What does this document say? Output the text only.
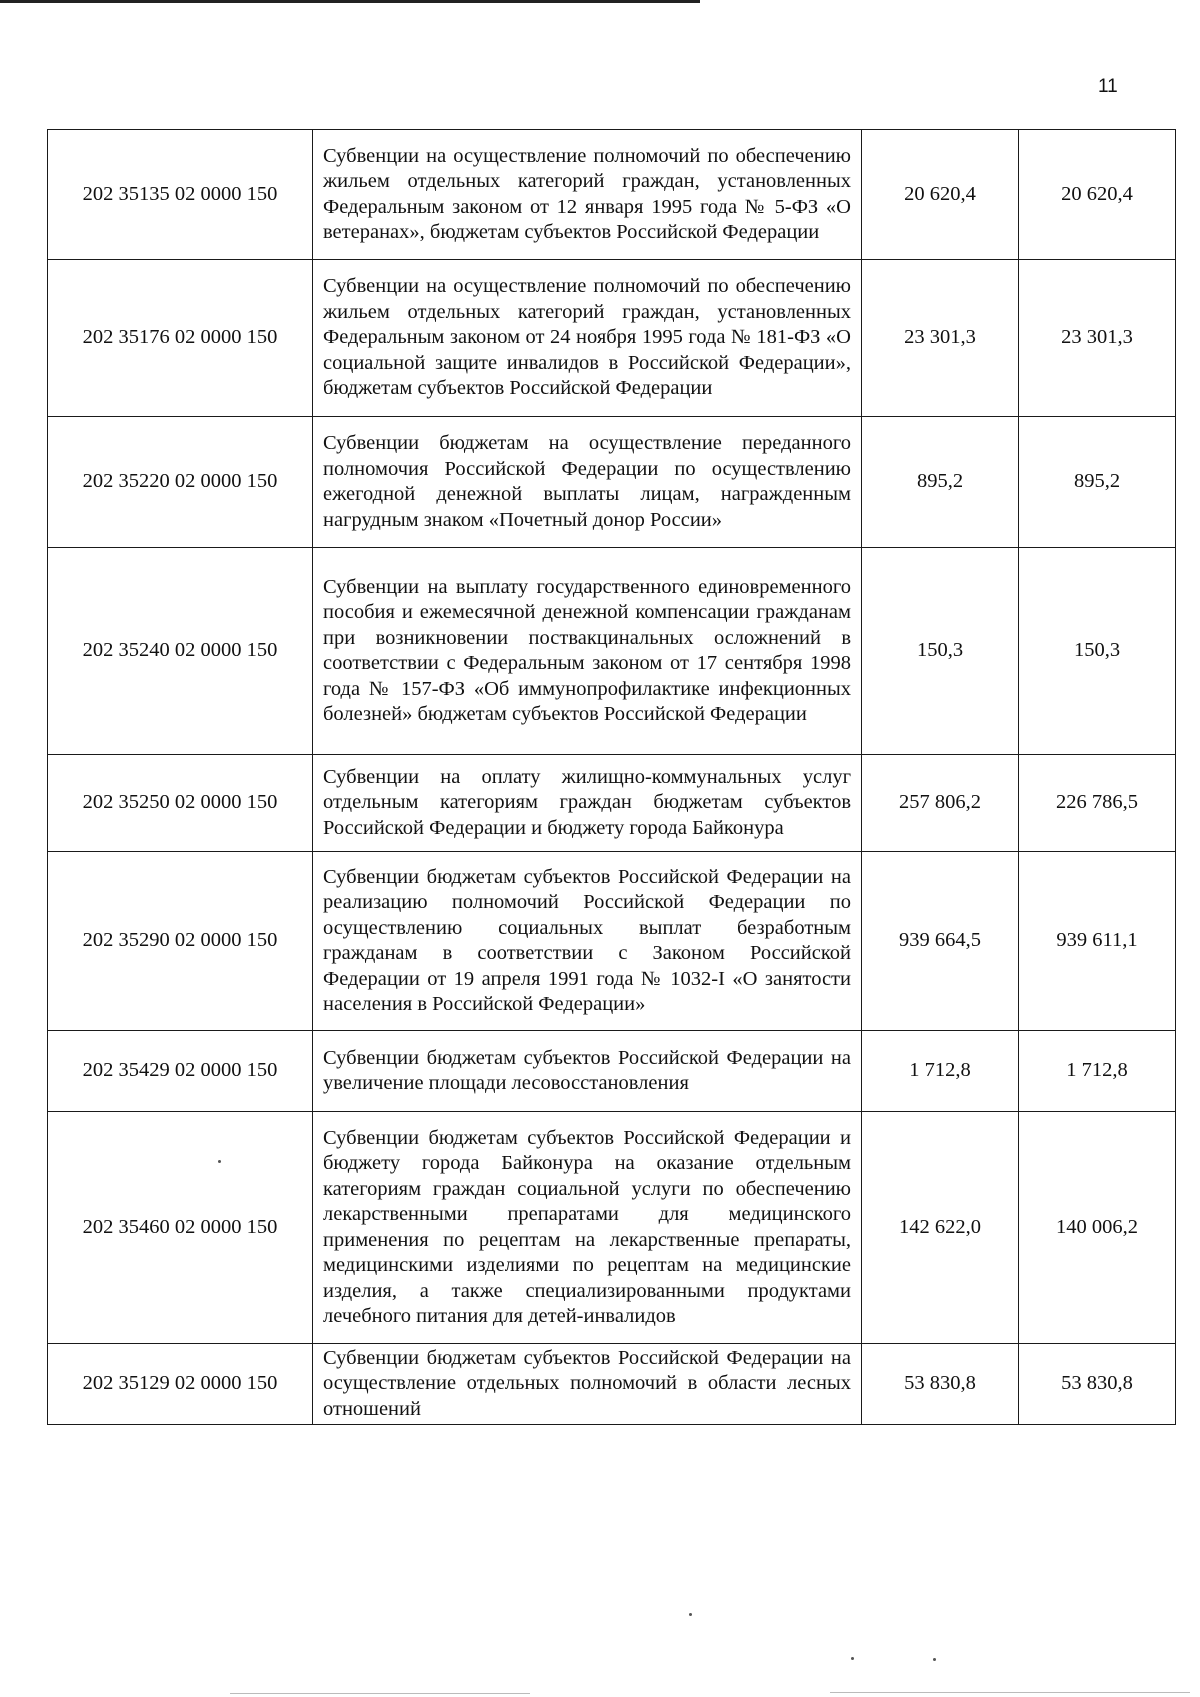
11
202 35135 02 0000 150	Субвенции на осуществление полномочий по обеспечению жильем отдельных категорий граждан, установленных Федеральным законом от 12 января 1995 года № 5-ФЗ «О ветеранах», бюджетам субъектов Российской Федерации	20 620,4	20 620,4
202 35176 02 0000 150	Субвенции на осуществление полномочий по обеспечению жильем отдельных категорий граждан, установленных Федеральным законом от 24 ноября 1995 года № 181-ФЗ «О социальной защите инвалидов в Российской Федерации», бюджетам субъектов Российской Федерации	23 301,3	23 301,3
202 35220 02 0000 150	Субвенции бюджетам на осуществление переданного полномочия Российской Федерации по осуществлению ежегодной денежной выплаты лицам, награжденным нагрудным знаком «Почетный донор России»	895,2	895,2
202 35240 02 0000 150	Субвенции на выплату государственного единовременного пособия и ежемесячной денежной компенсации гражданам при возникновении поствакцинальных осложнений в соответствии с Федеральным законом от 17 сентября 1998 года № 157-ФЗ «Об иммунопрофилактике инфекционных болезней» бюджетам субъектов Российской Федерации	150,3	150,3
202 35250 02 0000 150	Субвенции на оплату жилищно-коммунальных услуг отдельным категориям граждан бюджетам субъектов Российской Федерации и бюджету города Байконура	257 806,2	226 786,5
202 35290 02 0000 150	Субвенции бюджетам субъектов Российской Федерации на реализацию полномочий Российской Федерации по осуществлению социальных выплат безработным гражданам в соответствии с Законом Российской Федерации от 19 апреля 1991 года № 1032-I «О занятости населения в Российской Федерации»	939 664,5	939 611,1
202 35429 02 0000 150	Субвенции бюджетам субъектов Российской Федерации на увеличение площади лесовосстановления	1 712,8	1 712,8
202 35460 02 0000 150	Субвенции бюджетам субъектов Российской Федерации и бюджету города Байконура на оказание отдельным категориям граждан социальной услуги по обеспечению лекарственными препаратами для медицинского применения по рецептам на лекарственные препараты, медицинскими изделиями по рецептам на медицинские изделия, а также специализированными продуктами лечебного питания для детей-инвалидов	142 622,0	140 006,2
202 35129 02 0000 150	Субвенции бюджетам субъектов Российской Федерации на осуществление отдельных полномочий в области лесных отношений	53 830,8	53 830,8
